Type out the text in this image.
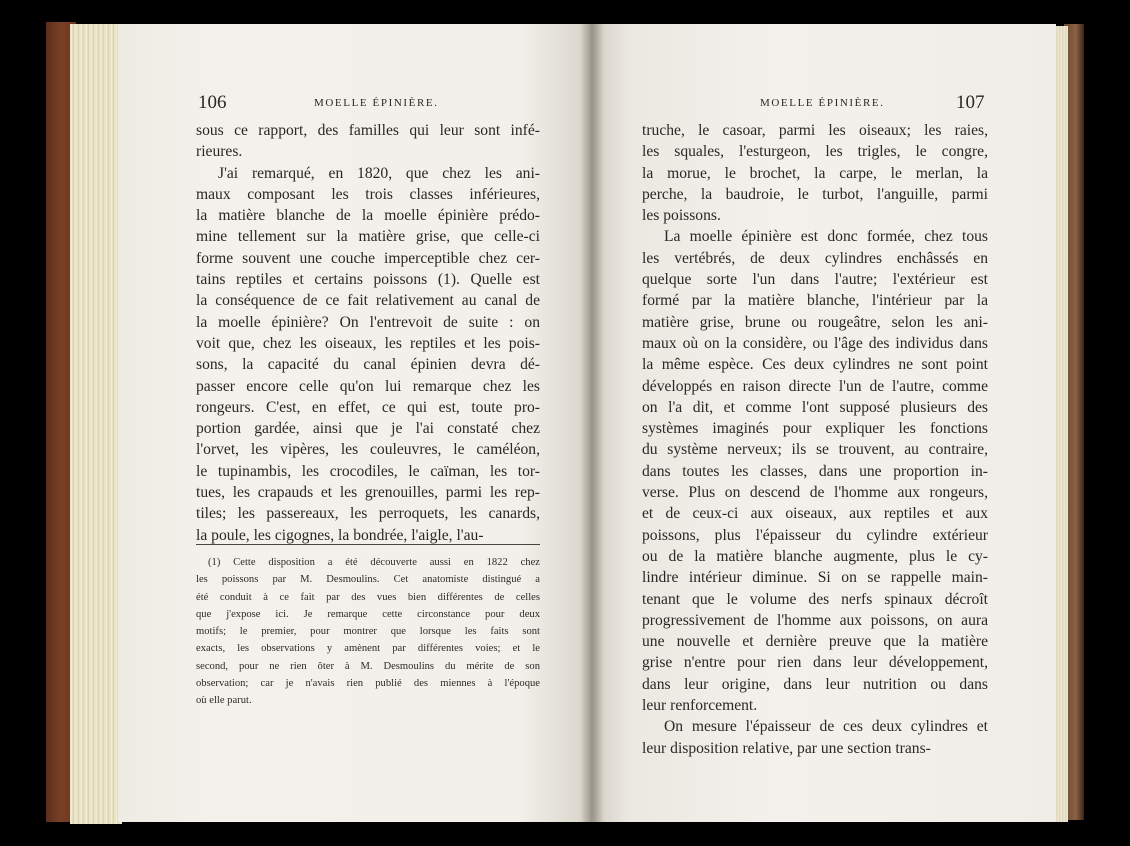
106	MOELLE ÉPINIÈRE.
sous ce rapport, des familles qui leur sont infé-
rieures.
J'ai remarqué, en 1820, que chez les ani-
maux composant les trois classes inférieures,
la matière blanche de la moelle épinière prédo-
mine tellement sur la matière grise, que celle-ci
forme souvent une couche imperceptible chez cer-
tains reptiles et certains poissons (1). Quelle est
la conséquence de ce fait relativement au canal de
la moelle épinière? On l'entrevoit de suite : on
voit que, chez les oiseaux, les reptiles et les pois-
sons, la capacité du canal épinien devra dé-
passer encore celle qu'on lui remarque chez les
rongeurs. C'est, en effet, ce qui est, toute pro-
portion gardée, ainsi que je l'ai constaté chez
l'orvet, les vipères, les couleuvres, le caméléon,
le tupinambis, les crocodiles, le caïman, les tor-
tues, les crapauds et les grenouilles, parmi les rep-
tiles; les passereaux, les perroquets, les canards,
la poule, les cigognes, la bondrée, l'aigle, l'au-
(1) Cette disposition a été découverte aussi en 1822 chez
les poissons par M. Desmoulins. Cet anatomiste distingué a
été conduit à ce fait par des vues bien différentes de celles
que j'expose ici. Je remarque cette circonstance pour deux
motifs; le premier, pour montrer que lorsque les faits sont
exacts, les observations y amènent par différentes voies; et le
second, pour ne rien ôter à M. Desmoulins du mérite de son
observation; car je n'avais rien publié des miennes à l'époque
où elle parut.
MOELLE ÉPINIÈRE.	107
truche, le casoar, parmi les oiseaux; les raies,
les squales, l'esturgeon, les trigles, le congre,
la morue, le brochet, la carpe, le merlan, la
perche, la baudroie, le turbot, l'anguille, parmi
les poissons.
La moelle épinière est donc formée, chez tous
les vertébrés, de deux cylindres enchâssés en
quelque sorte l'un dans l'autre; l'extérieur est
formé par la matière blanche, l'intérieur par la
matière grise, brune ou rougeâtre, selon les ani-
maux où on la considère, ou l'âge des individus dans
la même espèce. Ces deux cylindres ne sont point
développés en raison directe l'un de l'autre, comme
on l'a dit, et comme l'ont supposé plusieurs des
systèmes imaginés pour expliquer les fonctions
du système nerveux; ils se trouvent, au contraire,
dans toutes les classes, dans une proportion in-
verse. Plus on descend de l'homme aux rongeurs,
et de ceux-ci aux oiseaux, aux reptiles et aux
poissons, plus l'épaisseur du cylindre extérieur
ou de la matière blanche augmente, plus le cy-
lindre intérieur diminue. Si on se rappelle main-
tenant que le volume des nerfs spinaux décroît
progressivement de l'homme aux poissons, on aura
une nouvelle et dernière preuve que la matière
grise n'entre pour rien dans leur développement,
dans leur origine, dans leur nutrition ou dans
leur renforcement.
On mesure l'épaisseur de ces deux cylindres et
leur disposition relative, par une section trans-
